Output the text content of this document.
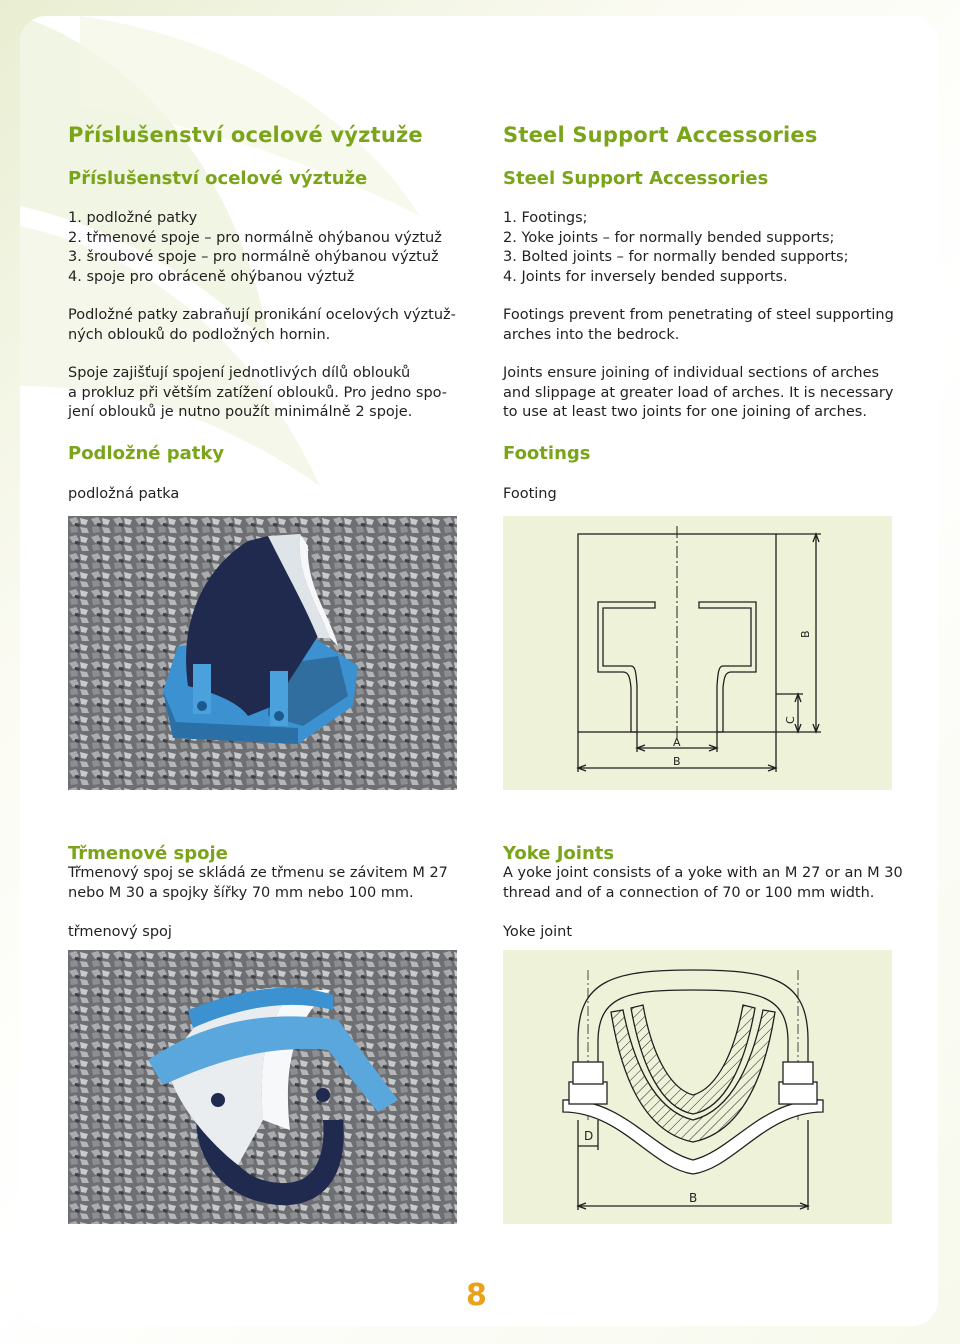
Příslušenství ocelové výztuže
Příslušenství ocelové výztuže
1. podložné patky
2. třmenové spoje – pro normálně ohýbanou výztuž
3. šroubové spoje – pro normálně ohýbanou výztuž
4. spoje pro obráceně ohýbanou výztuž
Podložné patky zabraňují pronikání ocelových výztuž-
ných oblouků do podložných hornin.
Spoje zajišťují spojení jednotlivých dílů oblouků
a prokluz při větším zatížení oblouků. Pro jedno spo-
jení oblouků je nutno použít minimálně 2 spoje.
Podložné patky
podložná patka
Třmenové spoje
Třmenový spoj se skládá ze třmenu se závitem M 27
nebo M 30 a spojky šířky 70 mm nebo 100 mm.
třmenový spoj
Steel Support Accessories
Steel Support Accessories
1. Footings;
2. Yoke joints – for normally bended supports;
3. Bolted joints – for normally bended supports;
4. Joints for inversely bended supports.
Footings prevent from penetrating of steel supporting
arches into the bedrock.
Joints ensure joining of individual sections of arches
and slippage at greater load of arches. It is necessary
to use at least two joints for one joining of arches.
Footings
Footing
A
B
C
B
Yoke Joints
A yoke joint consists of a yoke with an M 27 or an M 30
thread and of a connection of 70 or 100 mm width.
Yoke joint
D
B
8
